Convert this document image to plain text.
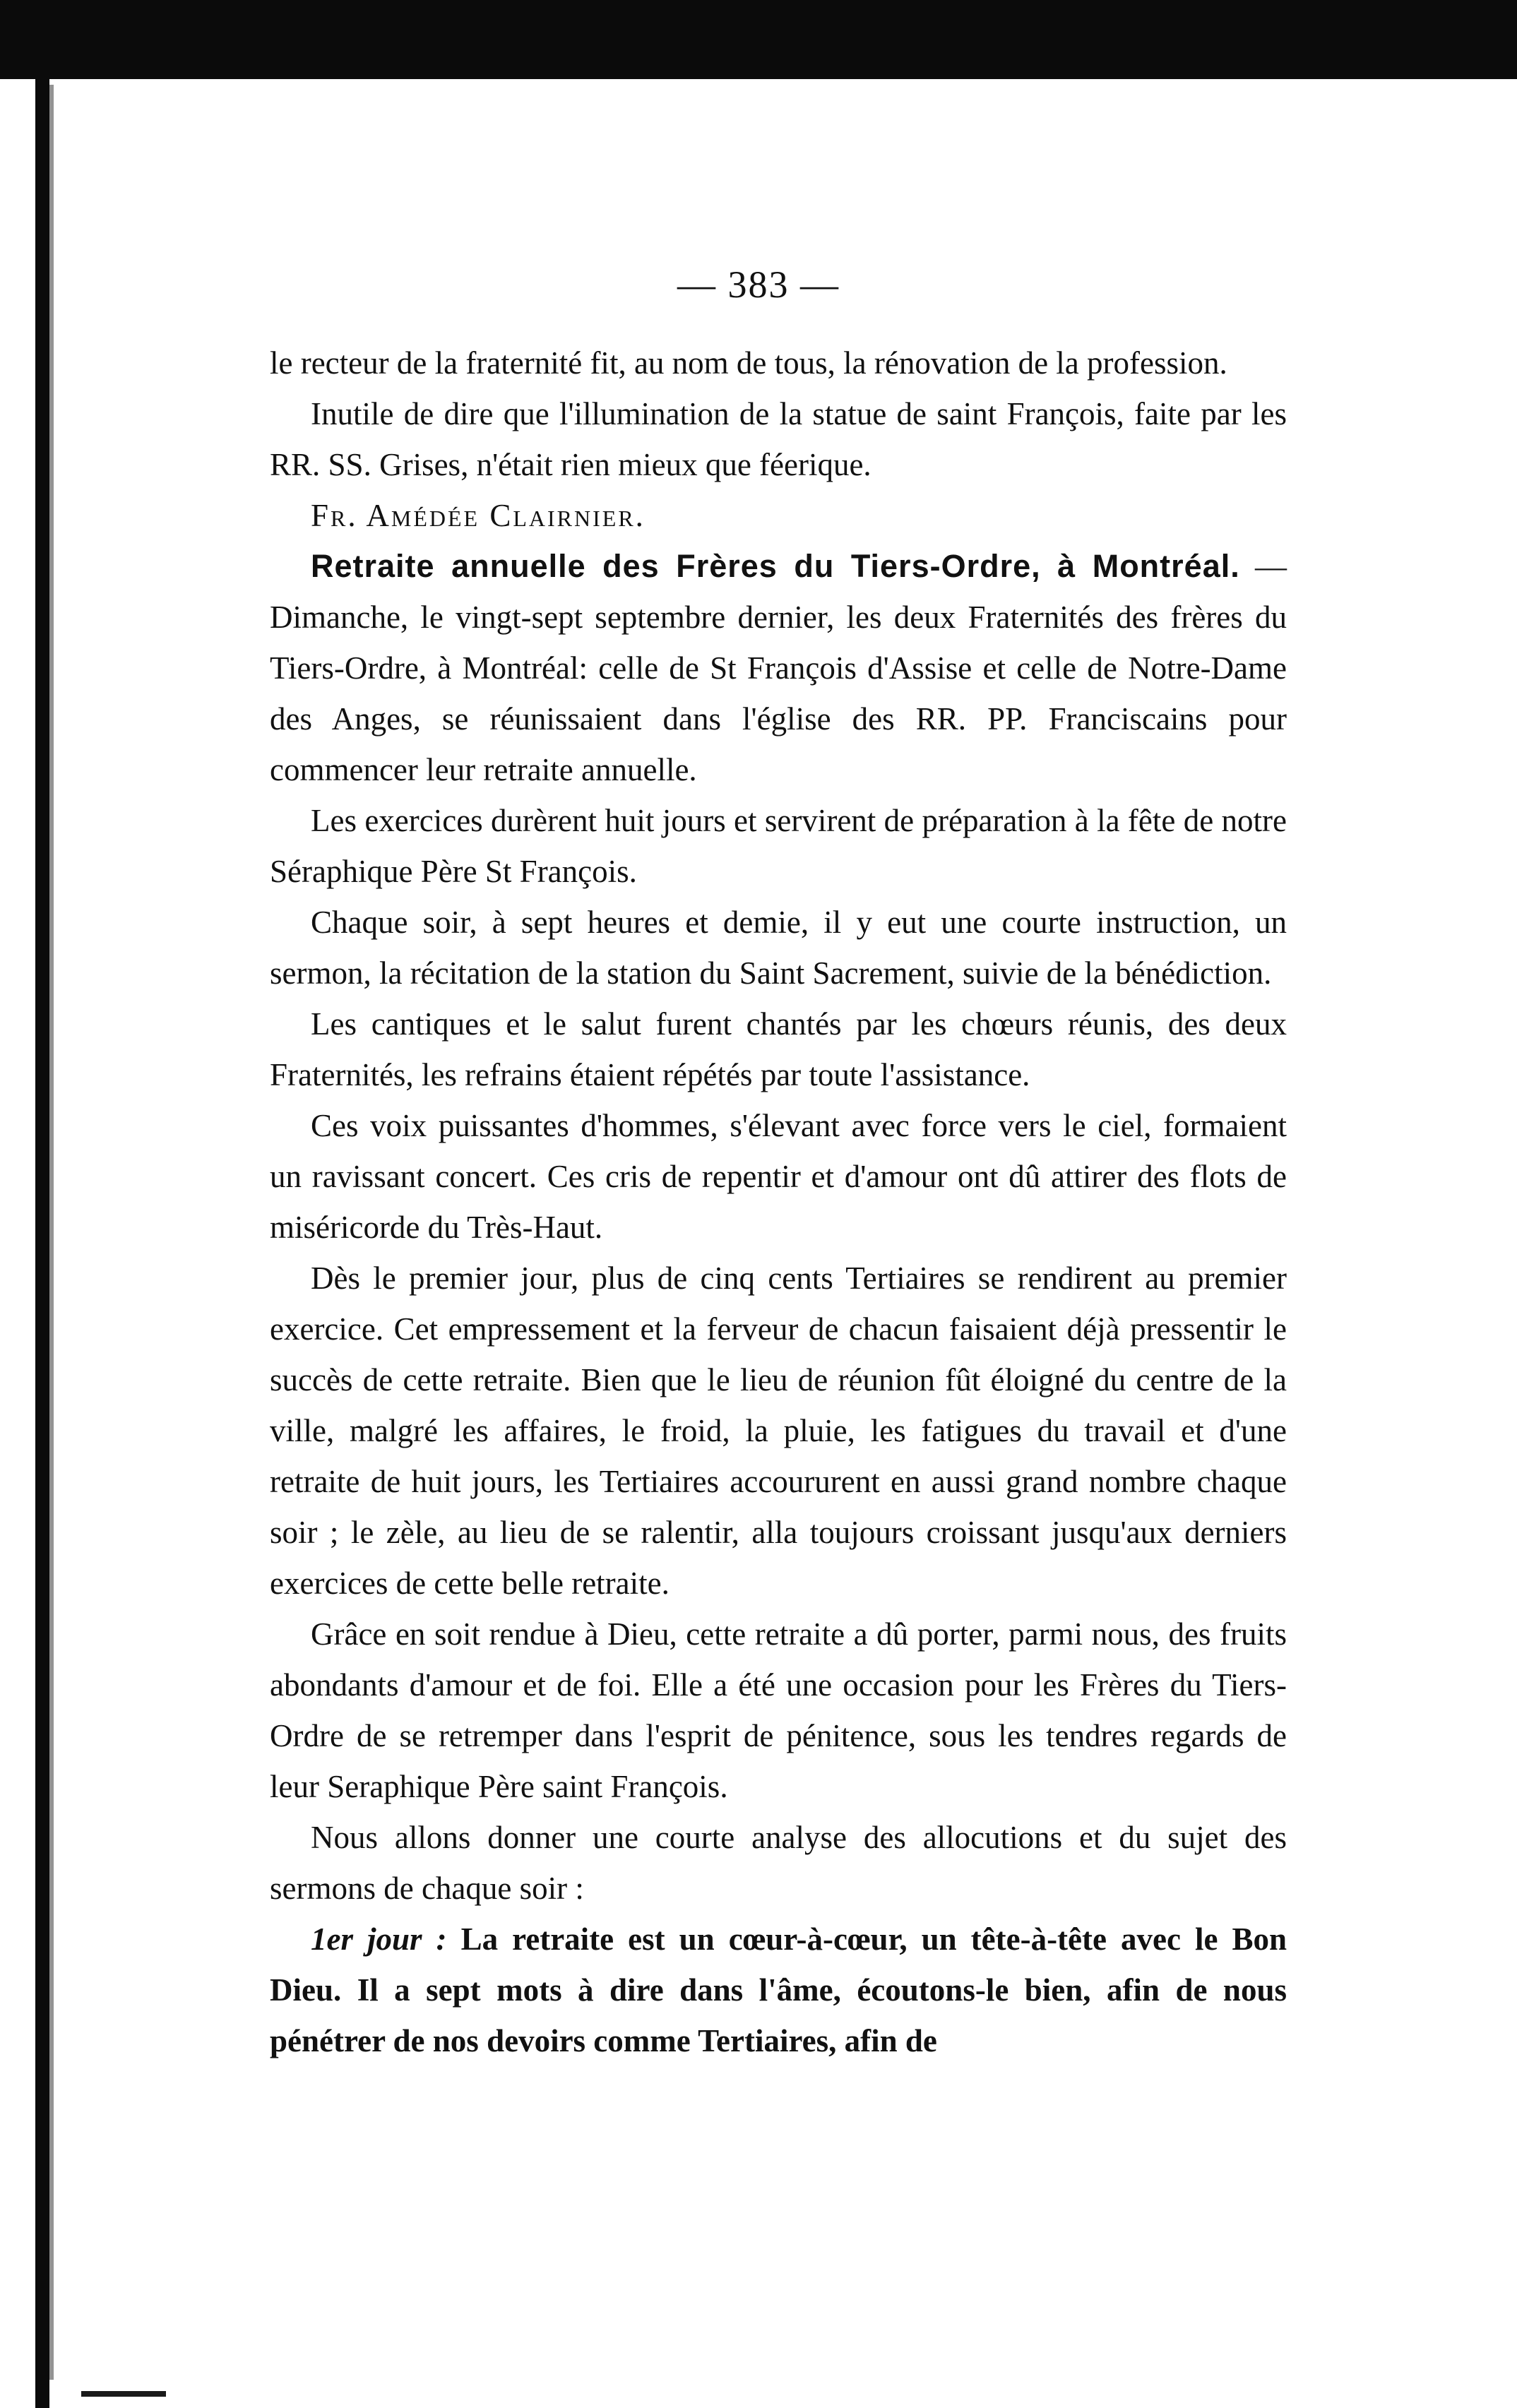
— 383 —

le recteur de la fraternité fit, au nom de tous, la rénovation de la profession.

Inutile de dire que l'illumination de la statue de saint François, faite par les RR. SS. Grises, n'était rien mieux que féerique.

Fr. Amédée Clairnier.

Retraite annuelle des Frères du Tiers-Ordre, à Montréal. — Dimanche, le vingt-sept septembre dernier, les deux Fraternités des frères du Tiers-Ordre, à Montréal: celle de St François d'Assise et celle de Notre-Dame des Anges, se réunissaient dans l'église des RR. PP. Franciscains pour commencer leur retraite annuelle.

Les exercices durèrent huit jours et servirent de préparation à la fête de notre Séraphique Père St François.

Chaque soir, à sept heures et demie, il y eut une courte instruction, un sermon, la récitation de la station du Saint Sacrement, suivie de la bénédiction.

Les cantiques et le salut furent chantés par les chœurs réunis, des deux Fraternités, les refrains étaient répétés par toute l'assistance.

Ces voix puissantes d'hommes, s'élevant avec force vers le ciel, formaient un ravissant concert. Ces cris de repentir et d'amour ont dû attirer des flots de miséricorde du Très-Haut.

Dès le premier jour, plus de cinq cents Tertiaires se rendirent au premier exercice. Cet empressement et la ferveur de chacun faisaient déjà pressentir le succès de cette retraite. Bien que le lieu de réunion fût éloigné du centre de la ville, malgré les affaires, le froid, la pluie, les fatigues du travail et d'une retraite de huit jours, les Tertiaires accoururent en aussi grand nombre chaque soir ; le zèle, au lieu de se ralentir, alla toujours croissant jusqu'aux derniers exercices de cette belle retraite.

Grâce en soit rendue à Dieu, cette retraite a dû porter, parmi nous, des fruits abondants d'amour et de foi. Elle a été une occasion pour les Frères du Tiers-Ordre de se retremper dans l'esprit de pénitence, sous les tendres regards de leur Seraphique Père saint François.

Nous allons donner une courte analyse des allocutions et du sujet des sermons de chaque soir :

1er jour : La retraite est un cœur-à-cœur, un tête-à-tête avec le Bon Dieu. Il a sept mots à dire dans l'âme, écoutons-le bien, afin de nous pénétrer de nos devoirs comme Tertiaires, afin de
